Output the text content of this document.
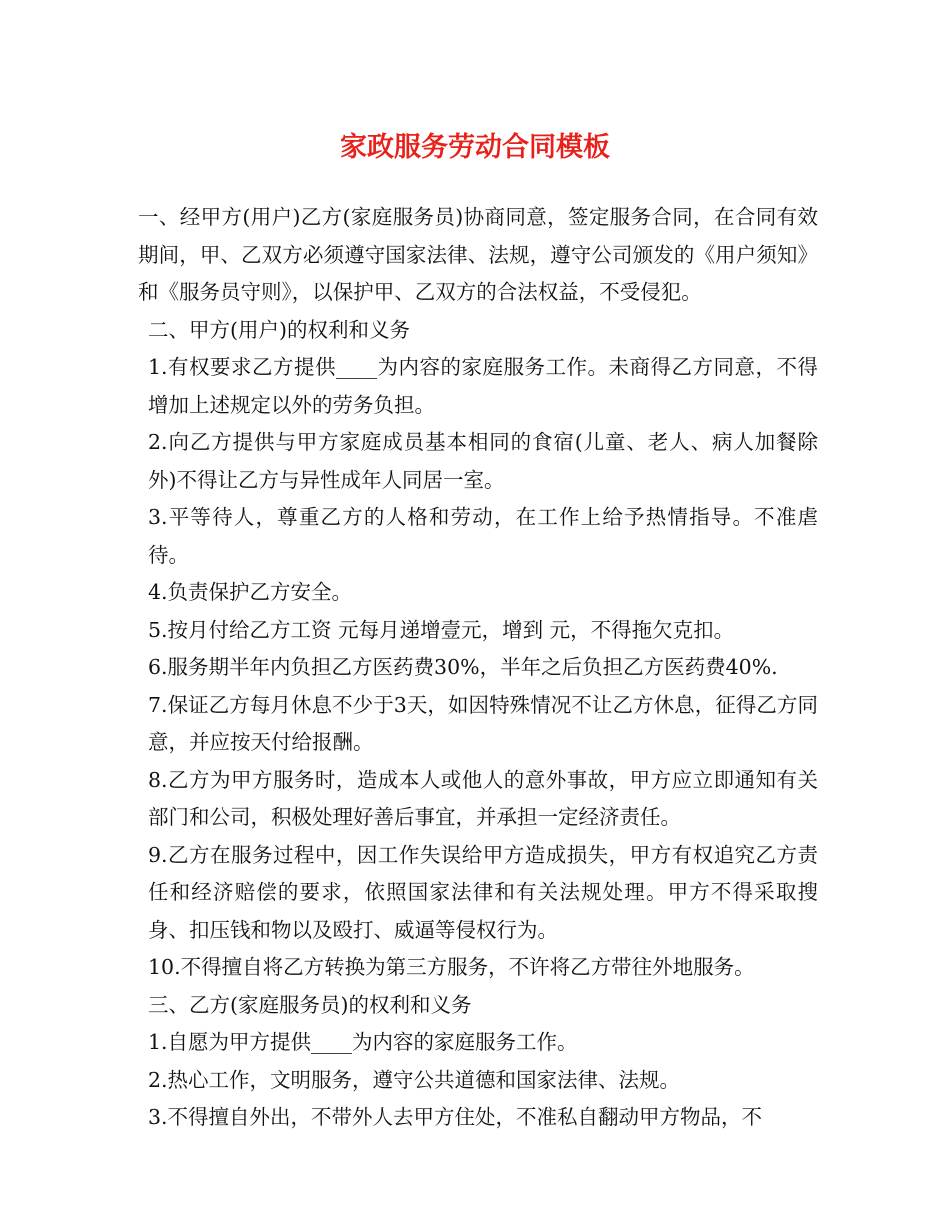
家政服务劳动合同模板

一、经甲方(用户)乙方(家庭服务员)协商同意，签定服务合同，在合同有效期间，甲、乙双方必须遵守国家法律、法规，遵守公司颁发的《用户须知》和《服务员守则》，以保护甲、乙双方的合法权益，不受侵犯。

二、甲方(用户)的权利和义务

1.有权要求乙方提供____为内容的家庭服务工作。未商得乙方同意，不得增加上述规定以外的劳务负担。

2.向乙方提供与甲方家庭成员基本相同的食宿(儿童、老人、病人加餐除外)不得让乙方与异性成年人同居一室。

3.平等待人，尊重乙方的人格和劳动，在工作上给予热情指导。不准虐待。

4.负责保护乙方安全。

5.按月付给乙方工资 元每月递增壹元，增到 元，不得拖欠克扣。

6.服务期半年内负担乙方医药费30%，半年之后负担乙方医药费40%.

7.保证乙方每月休息不少于3天，如因特殊情况不让乙方休息，征得乙方同意，并应按天付给报酬。

8.乙方为甲方服务时，造成本人或他人的意外事故，甲方应立即通知有关部门和公司，积极处理好善后事宜，并承担一定经济责任。

9.乙方在服务过程中，因工作失误给甲方造成损失，甲方有权追究乙方责任和经济赔偿的要求，依照国家法律和有关法规处理。甲方不得采取搜身、扣压钱和物以及殴打、威逼等侵权行为。

10.不得擅自将乙方转换为第三方服务，不许将乙方带往外地服务。

三、乙方(家庭服务员)的权利和义务

1.自愿为甲方提供____为内容的家庭服务工作。

2.热心工作，文明服务，遵守公共道德和国家法律、法规。

3.不得擅自外出，不带外人去甲方住处，不准私自翻动甲方物品，不
